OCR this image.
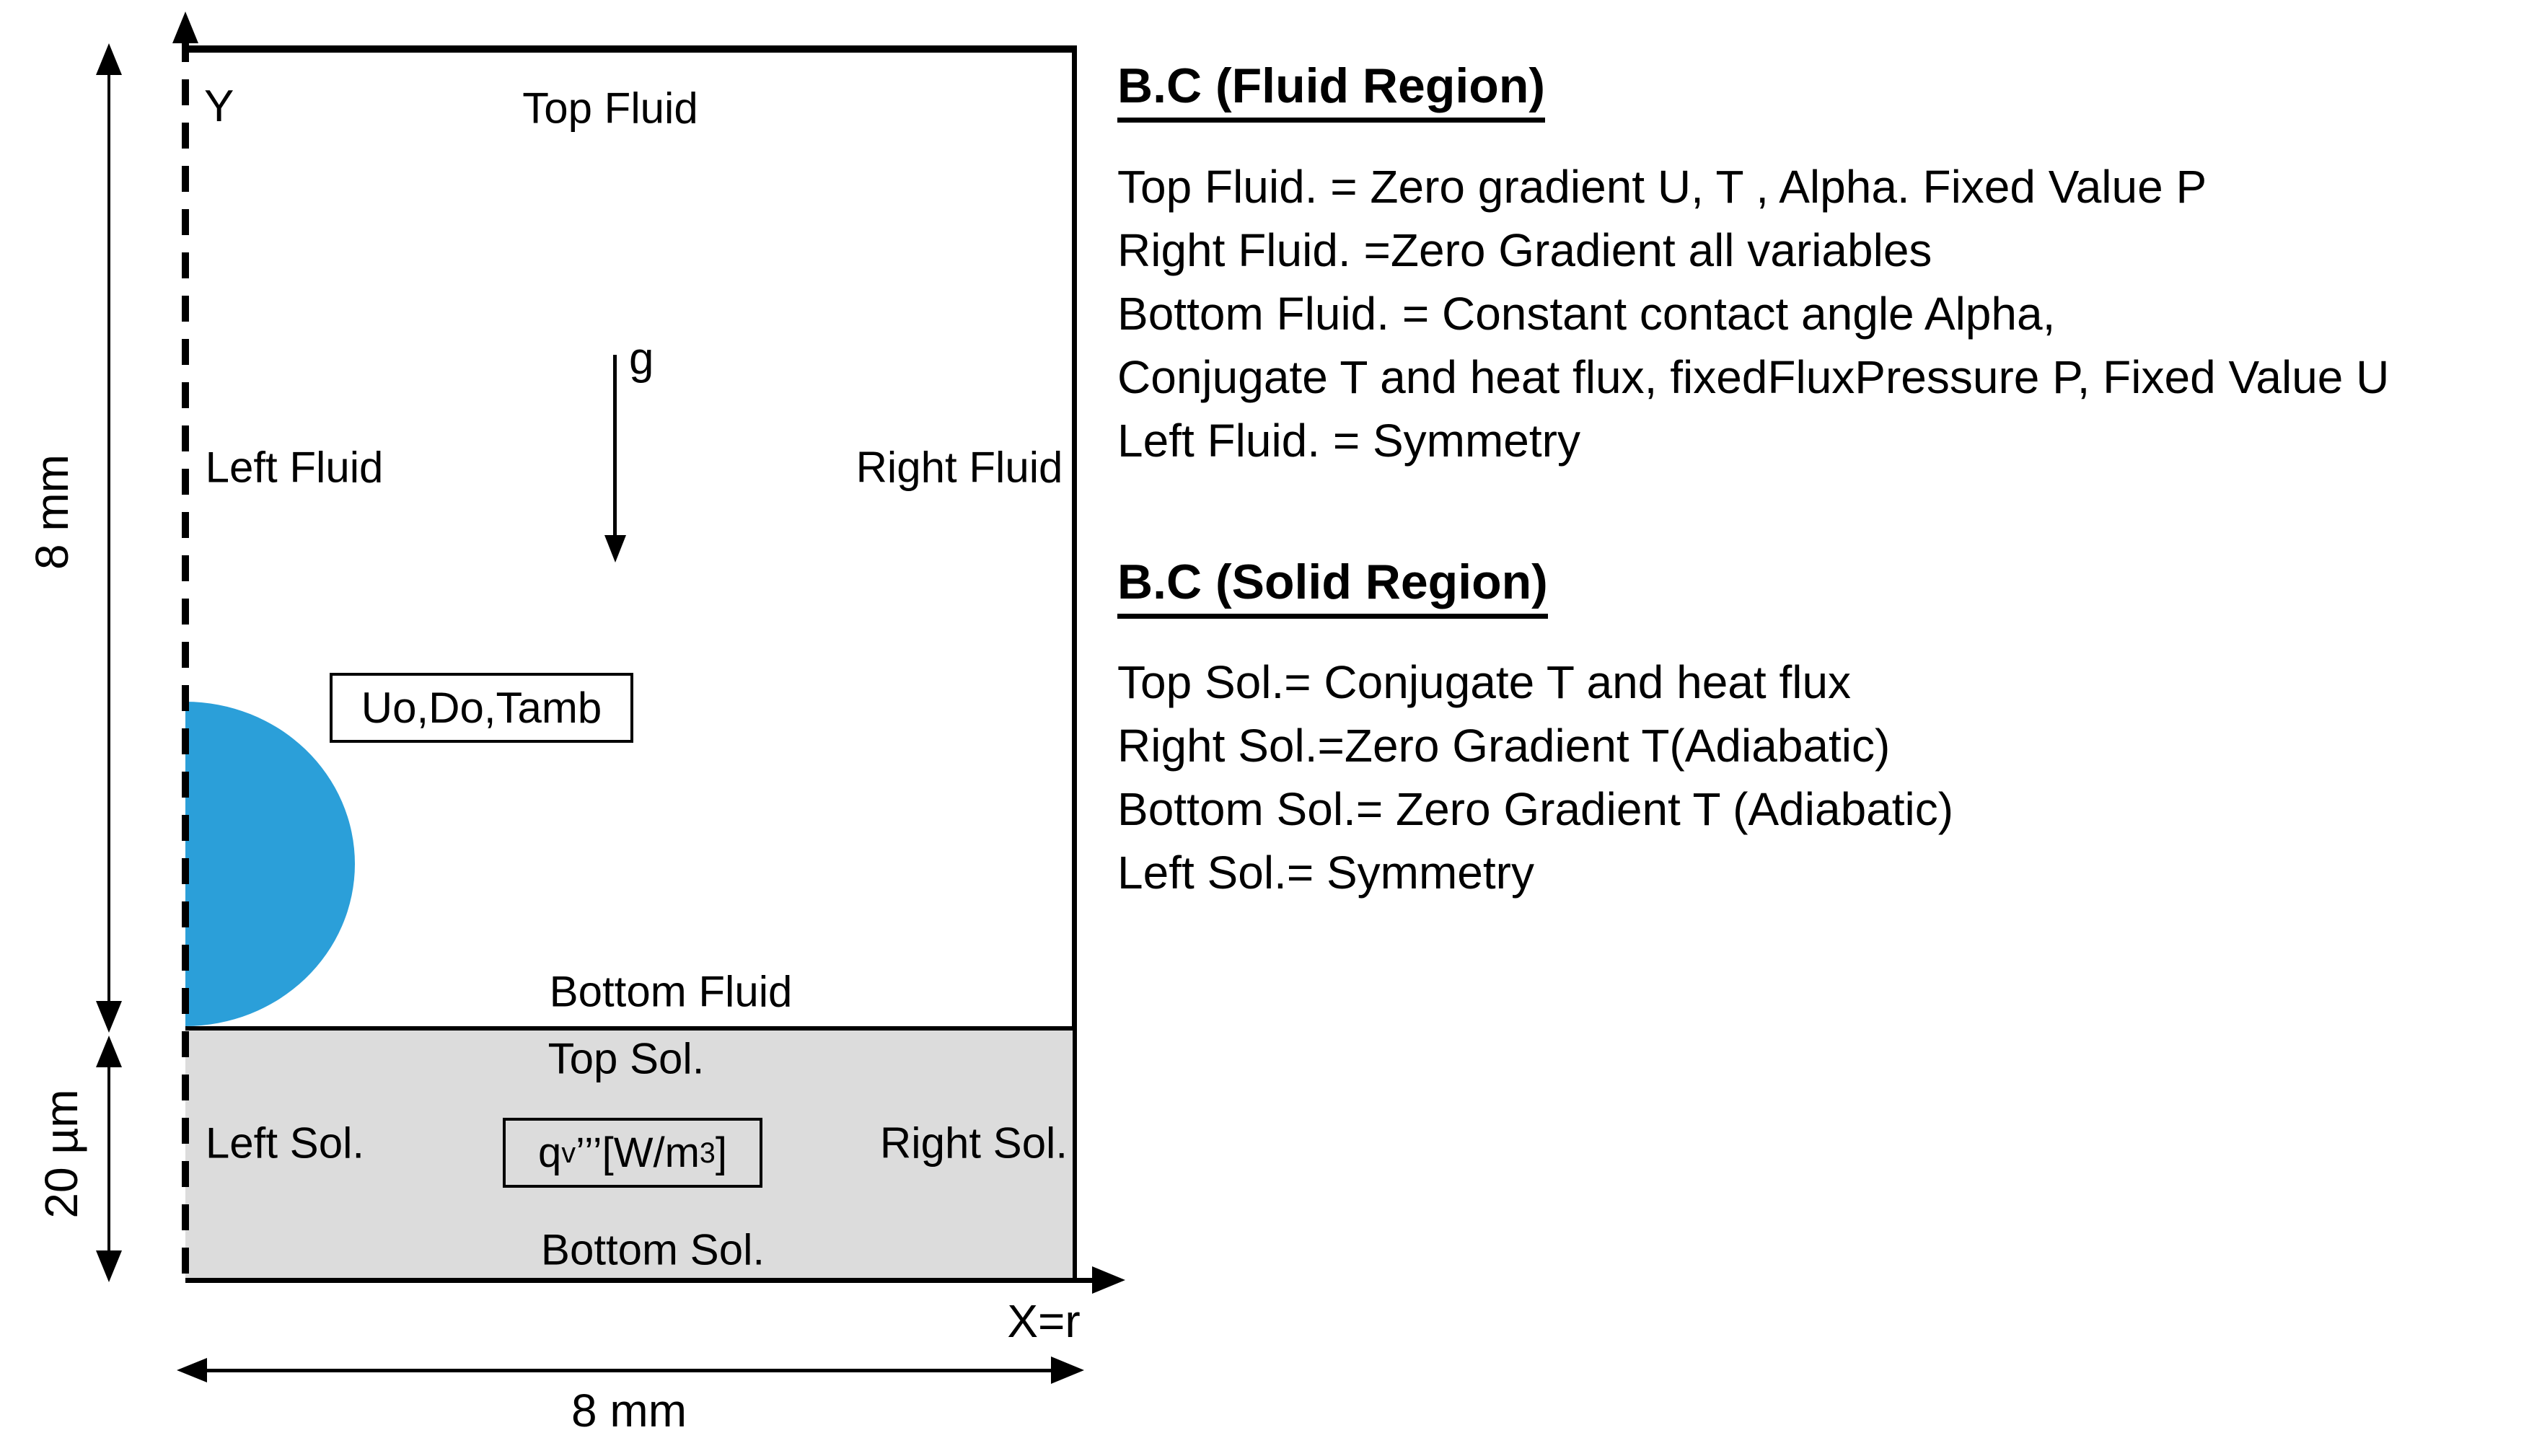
Y
X=r
g
Top Fluid
Left Fluid	Right Fluid
Bottom Fluid
Uo,Do,Tamb
Top Sol.
Left Sol.	Right Sol.
Bottom Sol.
q v ’’’ [W/m 3 ]
8 mm
20 µm
8 mm
B.C (Fluid Region)
Top Fluid. = Zero gradient U, T , Alpha. Fixed Value P
Right Fluid. =Zero Gradient all variables
Bottom Fluid. = Constant contact angle Alpha,
Conjugate T and heat flux, fixedFluxPressure P, Fixed Value U
Left Fluid. = Symmetry
B.C (Solid Region)
Top Sol.= Conjugate T and heat flux
Right Sol.=Zero Gradient T(Adiabatic)
Bottom Sol.= Zero Gradient T (Adiabatic)
Left Sol.= Symmetry
